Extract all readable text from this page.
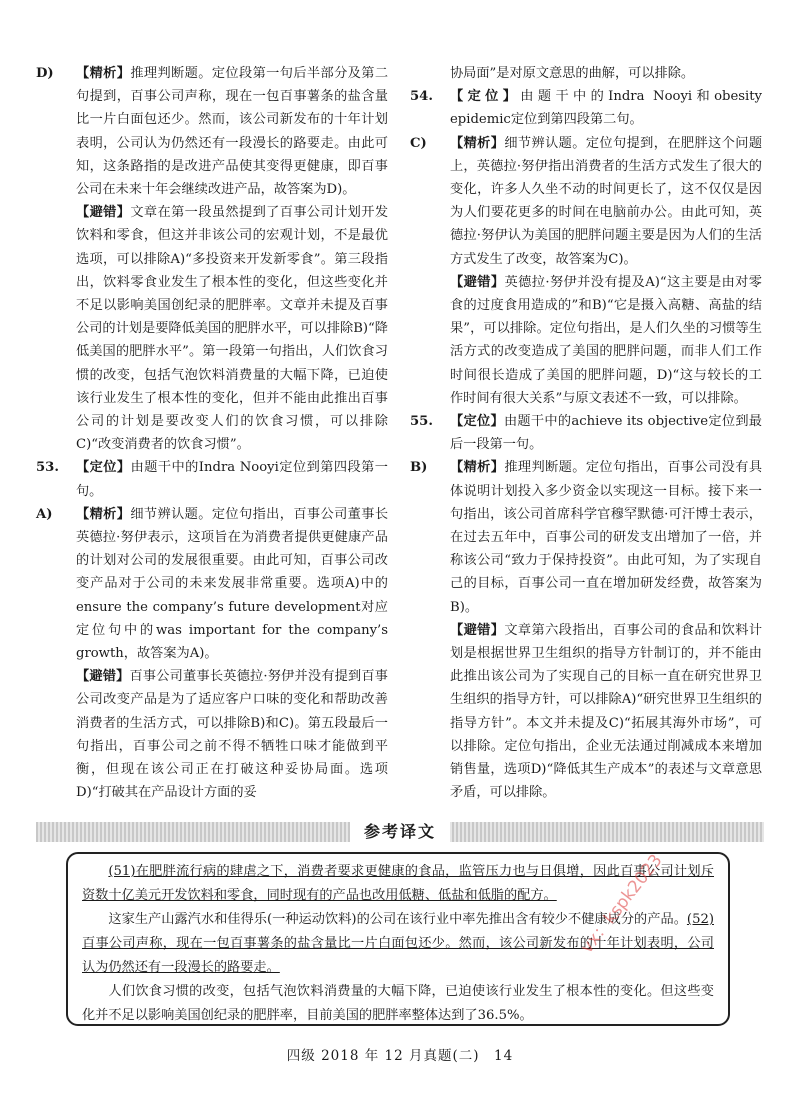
D) 【精析】推理判断题。定位段第一句后半部分及第二句提到，百事公司声称，现在一包百事薯条的盐含量比一片白面包还少。然而，该公司新发布的十年计划表明，公司认为仍然还有一段漫长的路要走。由此可知，这条路指的是改进产品使其变得更健康，即百事公司在未来十年会继续改进产品，故答案为D)。
【避错】文章在第一段虽然提到了百事公司计划开发饮料和零食，但这并非该公司的宏观计划，不是最优选项，可以排除A)“多投资来开发新零食”。第三段指出，饮料零食业发生了根本性的变化，但这些变化并不足以影响美国创纪录的肥胖率。文章并未提及百事公司的计划是要降低美国的肥胖水平，可以排除B)“降低美国的肥胖水平”。第一段第一句指出，人们饮食习惯的改变，包括气泡饮料消费量的大幅下降，已迫使该行业发生了根本性的变化，但并不能由此推出百事公司的计划是要改变人们的饮食习惯，可以排除C)“改变消费者的饮食习惯”。
53. 【定位】由题干中的Indra Nooyi定位到第四段第一句。
A) 【精析】细节辨认题。定位句指出，百事公司董事长英德拉·努伊表示，这项旨在为消费者提供更健康产品的计划对公司的发展很重要。由此可知，百事公司改变产品对于公司的未来发展非常重要。选项A)中的ensure the company’s future development对应定位句中的was important for the company’s growth，故答案为A)。
【避错】百事公司董事长英德拉·努伊并没有提到百事公司改变产品是为了适应客户口味的变化和帮助改善消费者的生活方式，可以排除B)和C)。第五段最后一句指出，百事公司之前不得不牺牲口味才能做到平衡，但现在该公司正在打破这种妥协局面。选项D)“打破其在产品设计方面的妥
协局面”是对原文意思的曲解，可以排除。
54. 【定位】由题干中的Indra Nooyi和obesity epidemic定位到第四段第二句。
C) 【精析】细节辨认题。定位句提到，在肥胖这个问题上，英德拉·努伊指出消费者的生活方式发生了很大的变化，许多人久坐不动的时间更长了，这不仅仅是因为人们要花更多的时间在电脑前办公。由此可知，英德拉·努伊认为美国的肥胖问题主要是因为人们的生活方式发生了改变，故答案为C)。
【避错】英德拉·努伊并没有提及A)“这主要是由对零食的过度食用造成的”和B)“它是摄入高糖、高盐的结果”，可以排除。定位句指出，是人们久坐的习惯等生活方式的改变造成了美国的肥胖问题，而非人们工作时间很长造成了美国的肥胖问题，D)“这与较长的工作时间有很大关系”与原文表述不一致，可以排除。
55. 【定位】由题干中的achieve its objective定位到最后一段第一句。
B) 【精析】推理判断题。定位句指出，百事公司没有具体说明计划投入多少资金以实现这一目标。接下来一句指出，该公司首席科学官穆罕默德·可汗博士表示，在过去五年中，百事公司的研发支出增加了一倍，并称该公司“致力于保持投资”。由此可知，为了实现自己的目标，百事公司一直在增加研发经费，故答案为B)。
【避错】文章第六段指出，百事公司的食品和饮料计划是根据世界卫生组织的指导方针制订的，并不能由此推出该公司为了实现自己的目标一直在研究世界卫生组织的指导方针，可以排除A)“研究世界卫生组织的指导方针”。本文并未提及C)“拓展其海外市场”，可以排除。定位句指出，企业无法通过削减成本来增加销售量，选项D)“降低其生产成本”的表述与文章意思矛盾，可以排除。
参考译文

(51)在肥胖流行病的肆虐之下，消费者要求更健康的食品，监管压力也与日俱增，因此百事公司计划斥资数十亿美元开发饮料和零食，同时现有的产品也改用低糖、低盐和低脂的配方。

这家生产山露汽水和佳得乐(一种运动饮料)的公司在该行业中率先推出含有较少不健康成分的产品。(52)百事公司声称，现在一包百事薯条的盐含量比一片白面包还少。然而，该公司新发布的十年计划表明，公司认为仍然还有一段漫长的路要走。

人们饮食习惯的改变，包括气泡饮料消费量的大幅下降，已迫使该行业发生了根本性的变化。但这些变化并不足以影响美国创纪录的肥胖率，目前美国的肥胖率整体达到了36.5%。

vx：kspk2023
四级 2018 年 12 月真题(二)　14
